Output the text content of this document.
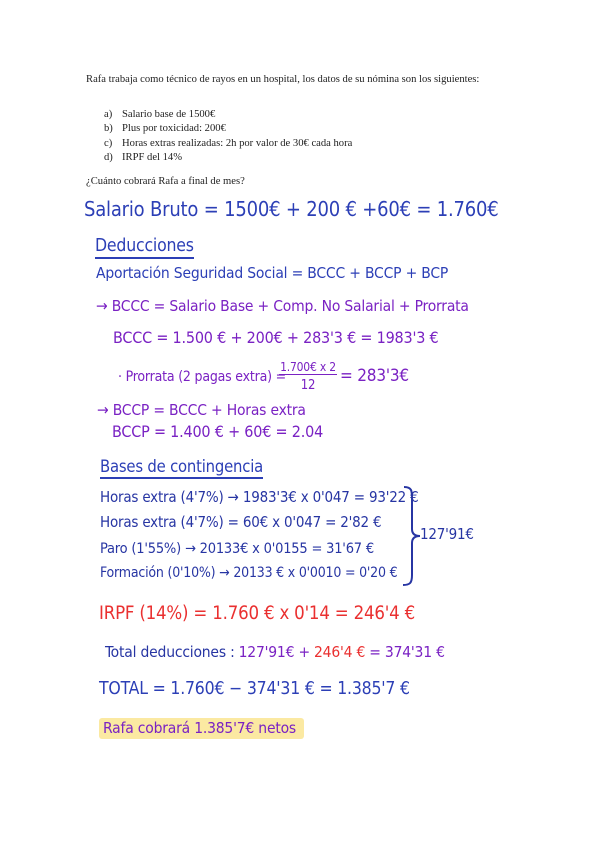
Rafa trabaja como técnico de rayos en un hospital, los datos de su nómina son los siguientes:
a) Salario base de 1500€
b) Plus por toxicidad: 200€
c) Horas extras realizadas: 2h por valor de 30€ cada hora
d) IRPF del 14%
¿Cuánto cobrará Rafa a final de mes?
Salario Bruto = 1500€ + 200 € +60€ = 1.760€
Deducciones
Aportación Seguridad Social = BCCC + BCCP + BCP
→ BCCC = Salario Base + Comp. No Salarial + Prorrata
BCCC = 1.500 € + 200€ + 283'3 € = 1983'3 €
· Prorrata (2 pagas extra) =
1.700€ x 2
12	= 283'3€
→ BCCP = BCCC + Horas extra
BCCP = 1.400 € + 60€ = 2.04
Bases de contingencia
Horas extra (4'7%) → 1983'3€ x 0'047 = 93'22 €
Horas extra (4'7%) = 60€ x 0'047 = 2'82 €
Paro (1'55%) → 20133€ x 0'0155 = 31'67 €
Formación (0'10%) → 20133 € x 0'0010 = 0'20 €
127'91€
IRPF (14%) = 1.760 € x 0'14 = 246'4 €
Total deducciones : 127'91€ + 246'4 € = 374'31 €
TOTAL = 1.760€ − 374'31 € = 1.385'7 €
Rafa cobrará 1.385'7€ netos
